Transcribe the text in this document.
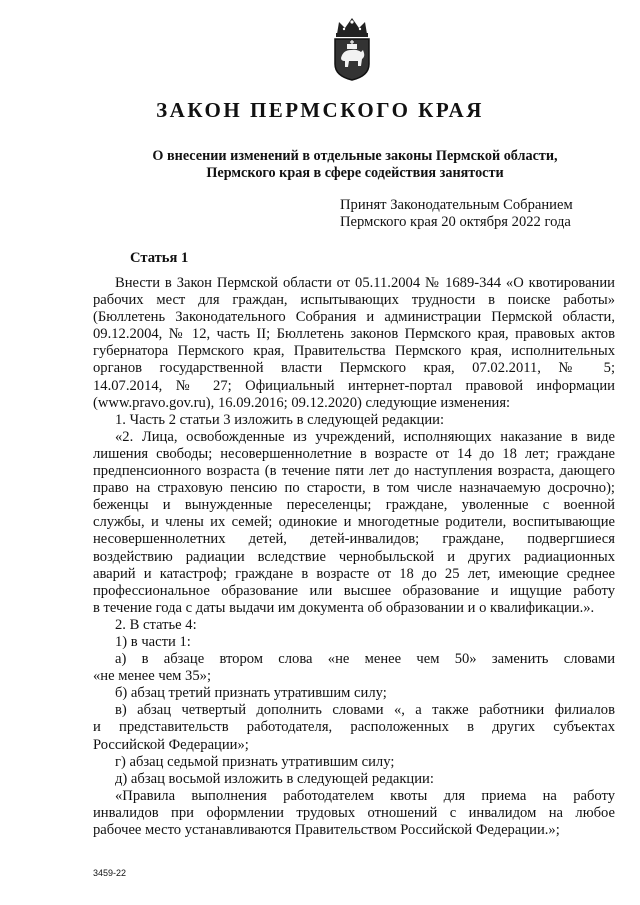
ЗАКОН ПЕРМСКОГО КРАЯ
О внесении изменений в отдельные законы Пермской области,
Пермского края в сфере содействия занятости
Принят Законодательным Собранием
Пермского края 20 октября 2022 года
Статья 1
Внести в Закон Пермской области от 05.11.2004 № 1689-344 «О квотировании
рабочих мест для граждан, испытывающих трудности в поиске работы»
(Бюллетень Законодательного Собрания и администрации Пермской области,
09.12.2004, № 12, часть II; Бюллетень законов Пермского края, правовых актов
губернатора Пермского края, Правительства Пермского края, исполнительных
органов государственной власти Пермского края, 07.02.2011, № 5;
14.07.2014, № 27; Официальный интернет-портал правовой информации
(www.pravo.gov.ru), 16.09.2016; 09.12.2020) следующие изменения:
1. Часть 2 статьи 3 изложить в следующей редакции:
«2. Лица, освобожденные из учреждений, исполняющих наказание в виде
лишения свободы; несовершеннолетние в возрасте от 14 до 18 лет; граждане
предпенсионного возраста (в течение пяти лет до наступления возраста, дающего
право на страховую пенсию по старости, в том числе назначаемую досрочно);
беженцы и вынужденные переселенцы; граждане, уволенные с военной
службы, и члены их семей; одинокие и многодетные родители, воспитывающие
несовершеннолетних детей, детей-инвалидов; граждане, подвергшиеся
воздействию радиации вследствие чернобыльской и других радиационных
аварий и катастроф; граждане в возрасте от 18 до 25 лет, имеющие среднее
профессиональное образование или высшее образование и ищущие работу
в течение года с даты выдачи им документа об образовании и о квалификации.».
2. В статье 4:
1) в части 1:
а) в абзаце втором слова «не менее чем 50» заменить словами
«не менее чем 35»;
б) абзац третий признать утратившим силу;
в) абзац четвертый дополнить словами «, а также работники филиалов
и представительств работодателя, расположенных в других субъектах
Российской Федерации»;
г) абзац седьмой признать утратившим силу;
д) абзац восьмой изложить в следующей редакции:
«Правила выполнения работодателем квоты для приема на работу
инвалидов при оформлении трудовых отношений с инвалидом на любое
рабочее место устанавливаются Правительством Российской Федерации.»;
3459-22
